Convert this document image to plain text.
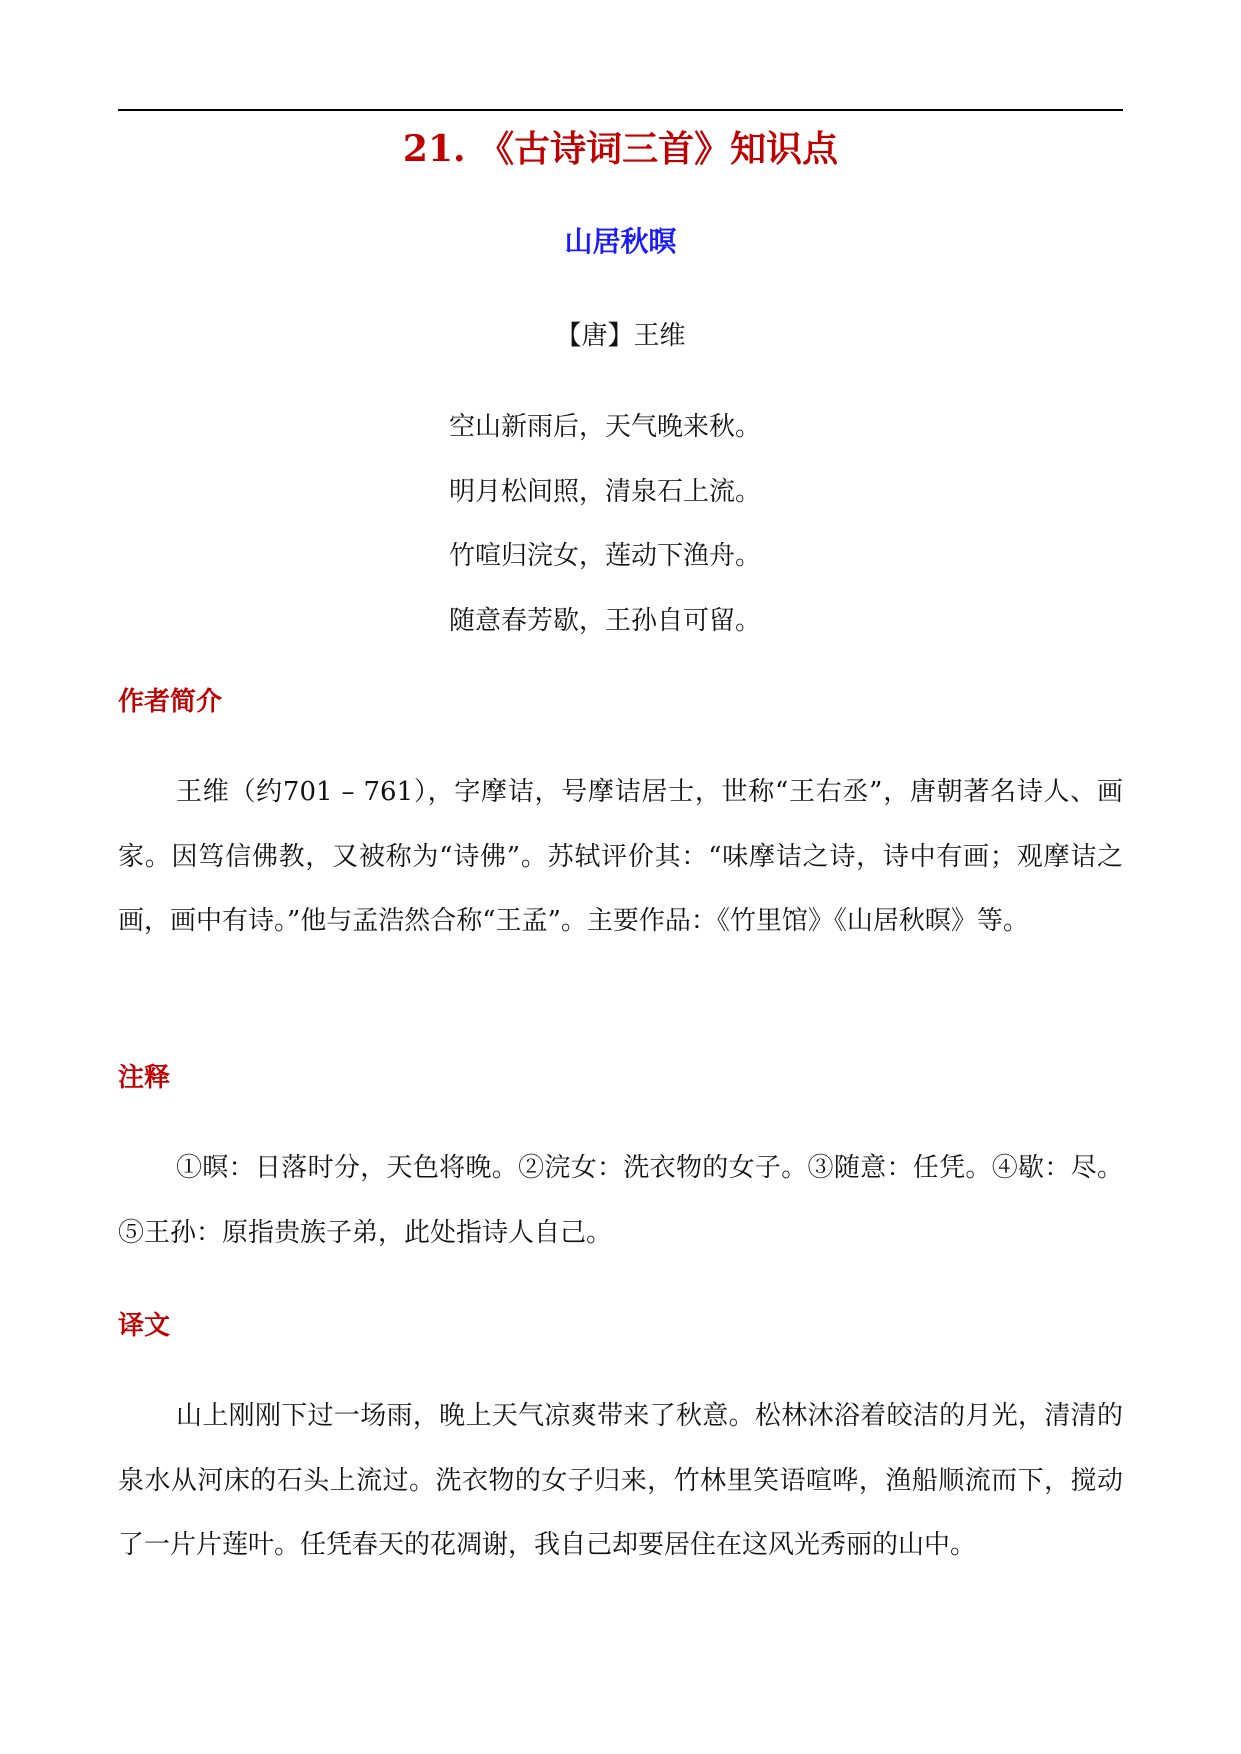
21. 《古诗词三首》知识点
山居秋暝
【唐】王维
空山新雨后，天气晚来秋。
明月松间照，清泉石上流。
竹喧归浣女，莲动下渔舟。
随意春芳歇，王孙自可留。
作者简介
王维（约701 – 761），字摩诘，号摩诘居士，世称“王右丞”，唐朝著名诗人、画家。因笃信佛教，又被称为“诗佛”。苏轼评价其：“味摩诘之诗，诗中有画；观摩诘之画，画中有诗。”他与孟浩然合称“王孟”。主要作品：《竹里馆》《山居秋暝》等。
注释
①暝：日落时分，天色将晚。②浣女：洗衣物的女子。③随意：任凭。④歇：尽。⑤王孙：原指贵族子弟，此处指诗人自己。
译文
山上刚刚下过一场雨，晚上天气凉爽带来了秋意。松林沐浴着皎洁的月光，清清的泉水从河床的石头上流过。洗衣物的女子归来，竹林里笑语喧哗，渔船顺流而下，搅动了一片片莲叶。任凭春天的花凋谢，我自己却要居住在这风光秀丽的山中。
